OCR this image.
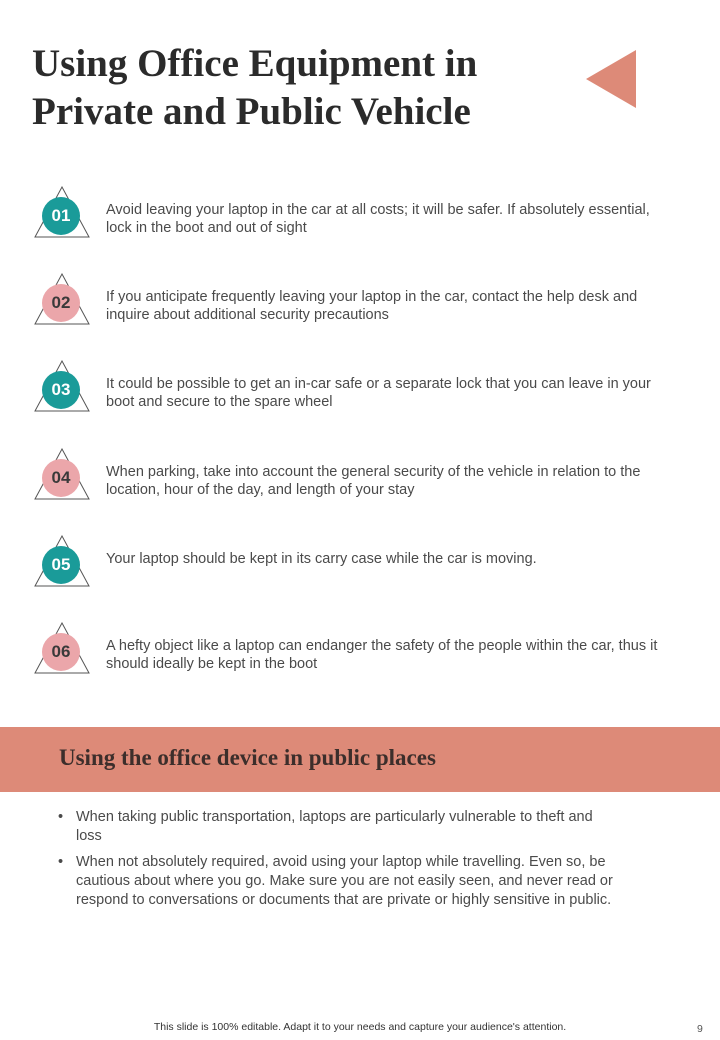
Using Office Equipment in
Private and Public Vehicle
01	Avoid leaving your laptop in the car at all costs; it will be safer. If absolutely essential, lock in the boot and out of sight
02	If you anticipate frequently leaving your laptop in the car, contact the help desk and inquire about additional security precautions
03	It could be possible to get an in-car safe or a separate lock that you can leave in your boot and secure to the spare wheel
04	When parking, take into account the general security of the vehicle in relation to the location, hour of the day, and length of your stay
05	Your laptop should be kept in its carry case while the car is moving.
06	A hefty object like a laptop can endanger the safety of the people within the car, thus it should ideally be kept in the boot
Using the office device in public places
• When taking public transportation, laptops are particularly vulnerable to theft and loss
• When not absolutely required, avoid using your laptop while travelling. Even so, be cautious about where you go. Make sure you are not easily seen, and never read or respond to conversations or documents that are private or highly sensitive in public.
This slide is 100% editable. Adapt it to your needs and capture your audience's attention.	9
